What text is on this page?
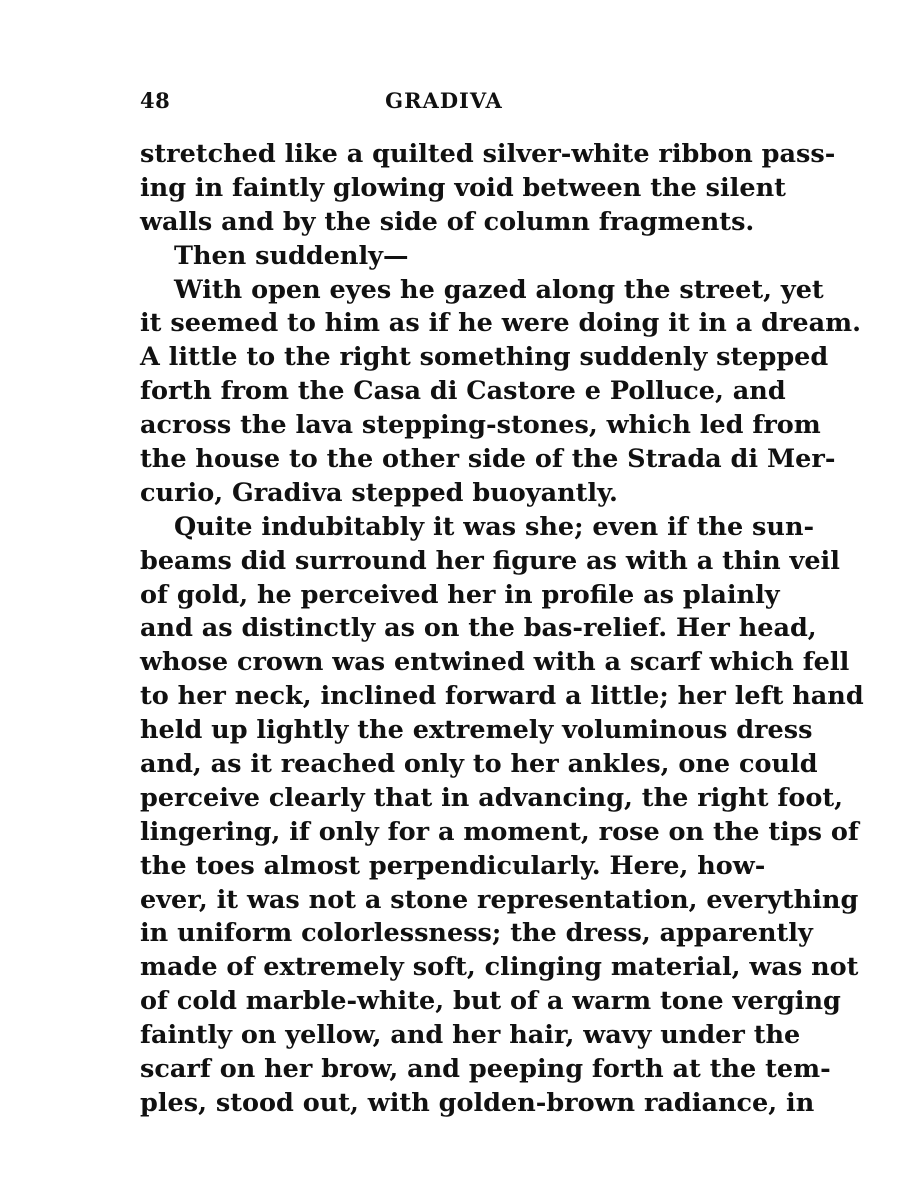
48	GRADIVA
stretched like a quilted silver-white ribbon pass-
ing in faintly glowing void between the silent
walls and by the side of column fragments.
Then suddenly—
With open eyes he gazed along the street, yet
it seemed to him as if he were doing it in a dream.
A little to the right something suddenly stepped
forth from the Casa di Castore e Polluce, and
across the lava stepping-stones, which led from
the house to the other side of the Strada di Mer-
curio, Gradiva stepped buoyantly.
Quite indubitably it was she; even if the sun-
beams did surround her figure as with a thin veil
of gold, he perceived her in profile as plainly
and as distinctly as on the bas-relief. Her head,
whose crown was entwined with a scarf which fell
to her neck, inclined forward a little; her left hand
held up lightly the extremely voluminous dress
and, as it reached only to her ankles, one could
perceive clearly that in advancing, the right foot,
lingering, if only for a moment, rose on the tips of
the toes almost perpendicularly. Here, how-
ever, it was not a stone representation, everything
in uniform colorlessness; the dress, apparently
made of extremely soft, clinging material, was not
of cold marble-white, but of a warm tone verging
faintly on yellow, and her hair, wavy under the
scarf on her brow, and peeping forth at the tem-
ples, stood out, with golden-brown radiance, in
